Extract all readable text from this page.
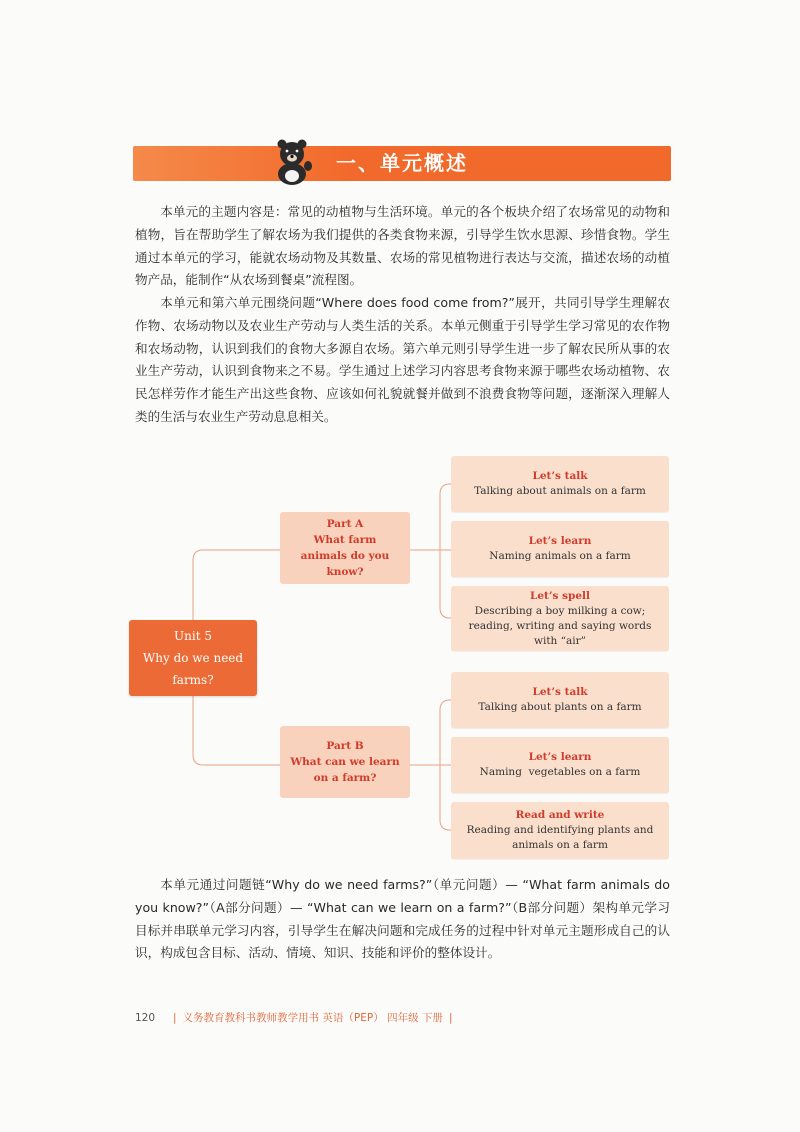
一、单元概述

本单元的主题内容是：常见的动植物与生活环境。单元的各个板块介绍了农场常见的动物和植物，旨在帮助学生了解农场为我们提供的各类食物来源，引导学生饮水思源、珍惜食物。学生通过本单元的学习，能就农场动物及其数量、农场的常见植物进行表达与交流，描述农场的动植物产品，能制作“从农场到餐桌”流程图。

本单元和第六单元围绕问题“Where does food come from?”展开，共同引导学生理解农作物、农场动物以及农业生产劳动与人类生活的关系。本单元侧重于引导学生学习常见的农作物和农场动物，认识到我们的食物大多源自农场。第六单元则引导学生进一步了解农民所从事的农业生产劳动，认识到食物来之不易。学生通过上述学习内容思考食物来源于哪些农场动植物、农民怎样劳作才能生产出这些食物、应该如何礼貌就餐并做到不浪费食物等问题，逐渐深入理解人类的生活与农业生产劳动息息相关。

Unit 5
Why do we need
farms?
Part A
What farm animals do you know?
Part B
What can we learn on a farm?
Let’s talk
Talking about animals on a farm
Let’s learn
Naming animals on a farm
Let’s spell
Describing a boy milking a cow; reading, writing and saying words with “air”
Let’s talk
Talking about plants on a farm
Let’s learn
Naming  vegetables on a farm
Read and write
Reading and identifying plants and animals on a farm

本单元通过问题链“Why do we need farms?”（单元问题）— “What farm animals do you know?”（A部分问题）— “What can we learn on a farm?”（B部分问题）架构单元学习目标并串联单元学习内容，引导学生在解决问题和完成任务的过程中针对单元主题形成自己的认识，构成包含目标、活动、情境、知识、技能和评价的整体设计。

120 | 义务教育教科书教师教学用书 英语（PEP） 四年级 下册 |
